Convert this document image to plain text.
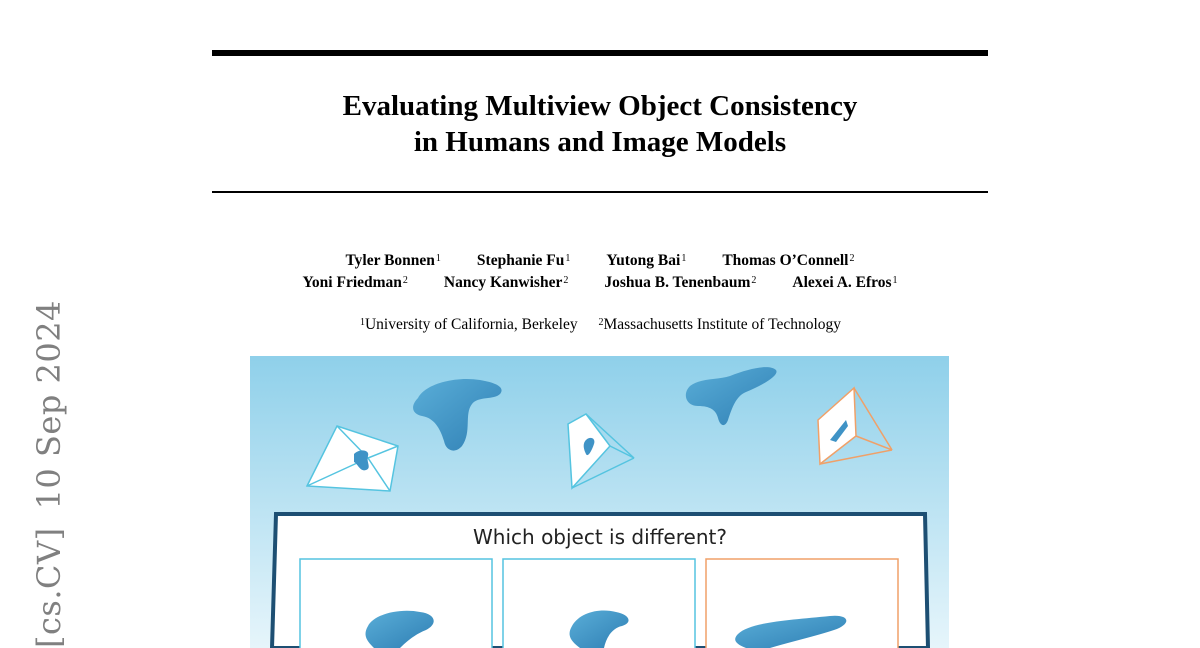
Evaluating Multiview Object Consistency
in Humans and Image Models
Tyler Bonnen$^1$ Stephanie Fu$^1$ Yutong Bai$^1$ Thomas O’Connell$^2$
Yoni Friedman$^2$ Nancy Kanwisher$^2$ Joshua B. Tenenbaum$^2$ Alexei A. Efros$^1$
$^1$University of California, Berkeley $^2$Massachusetts Institute of Technology
[cs.CV]10 Sep 2024
Which object is different?
